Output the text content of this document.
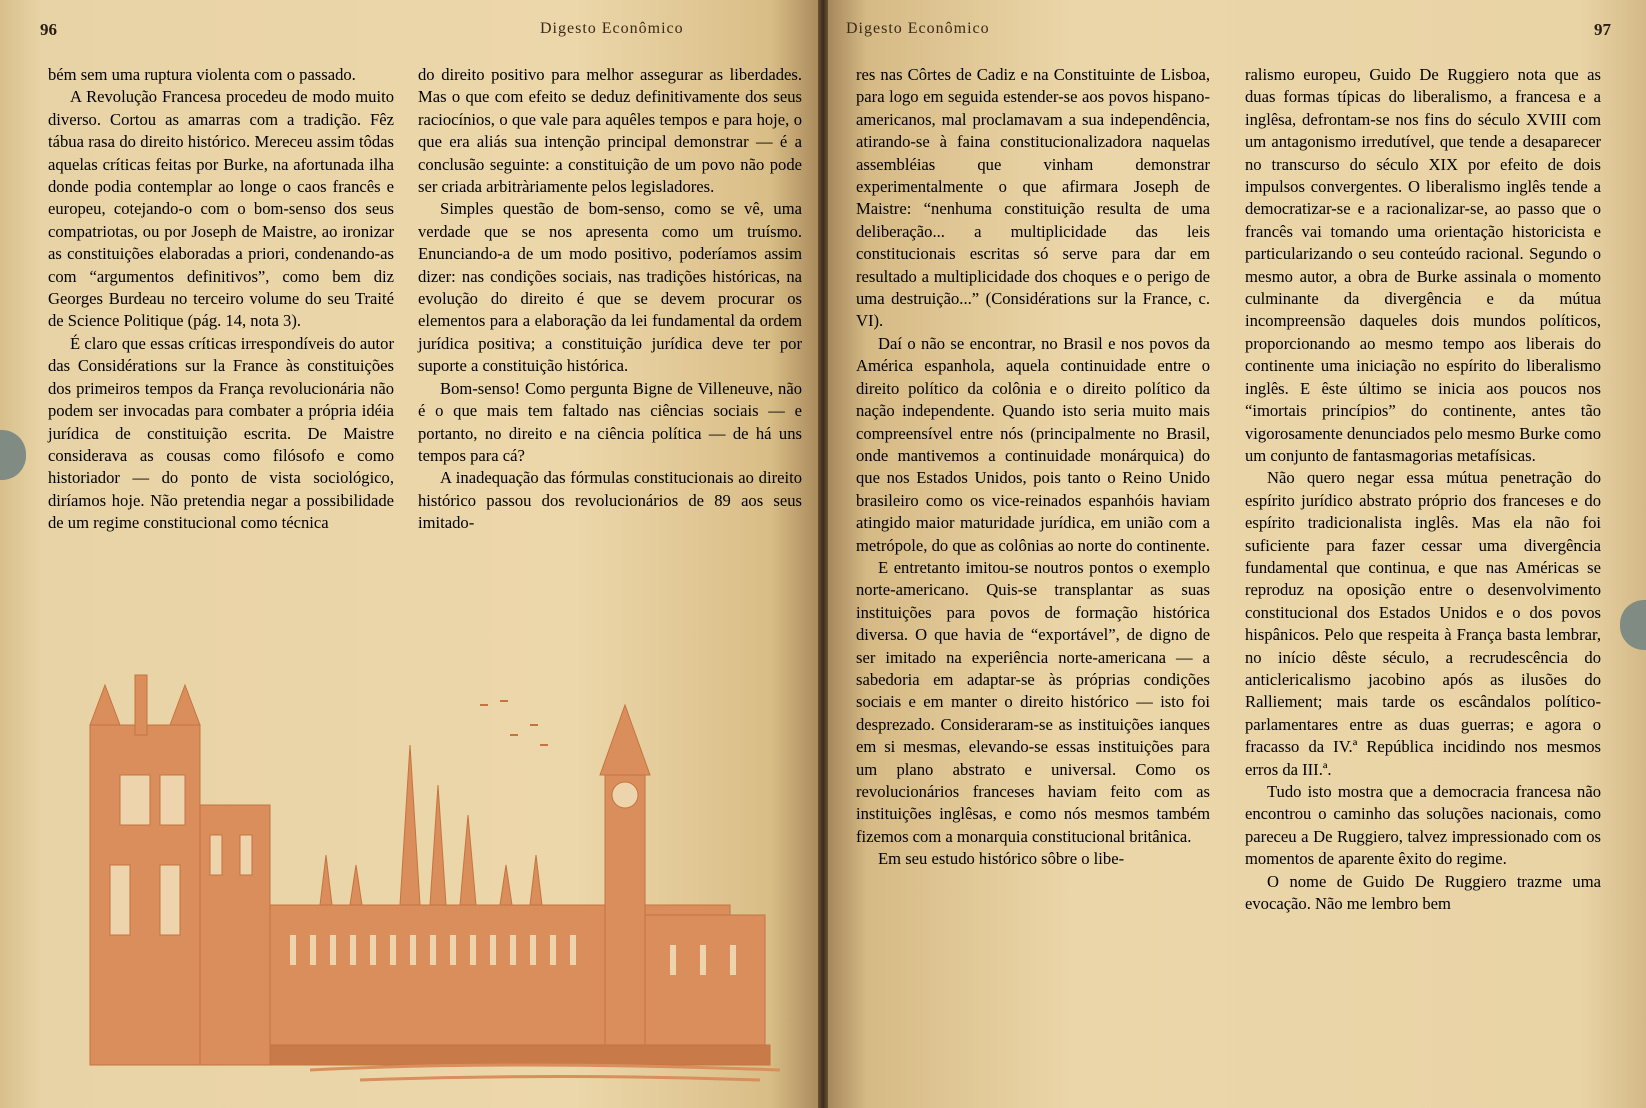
96	Digesto Econômico	Digesto Econômico	97

bém sem uma ruptura violenta com o passado.

A Revolução Francesa procedeu de modo muito diverso. Cortou as amarras com a tradição. Fêz tábua rasa do direito histórico. Mereceu assim tôdas aquelas críticas feitas por Burke, na afortunada ilha donde podia contemplar ao longe o caos francês e europeu, cotejando-o com o bom-senso dos seus compatriotas, ou por Joseph de Maistre, ao ironizar as constituições elaboradas a priori, condenando-as com “argumentos definitivos”, como bem diz Georges Burdeau no terceiro volume do seu Traité de Science Politique (pág. 14, nota 3).

É claro que essas críticas irrespondíveis do autor das Considérations sur la France às constituições dos primeiros tempos da França revolucionária não podem ser invocadas para combater a própria idéia jurídica de constituição escrita. De Maistre considerava as cousas como filósofo e como historiador — do ponto de vista sociológico, diríamos hoje. Não pretendia negar a possibilidade de um regime constitucional como técnica

do direito positivo para melhor assegurar as liberdades. Mas o que com efeito se deduz definitivamente dos seus raciocínios, o que vale para aquêles tempos e para hoje, o que era aliás sua intenção principal demonstrar — é a conclusão seguinte: a constituição de um povo não pode ser criada arbitràriamente pelos legisladores.

Simples questão de bom-senso, como se vê, uma verdade que se nos apresenta como um truísmo. Enunciando-a de um modo positivo, poderíamos assim dizer: nas condições sociais, nas tradições históricas, na evolução do direito é que se devem procurar os elementos para a elaboração da lei fundamental da ordem jurídica positiva; a constituição jurídica deve ter por suporte a constituição histórica.

Bom-senso! Como pergunta Bigne de Villeneuve, não é o que mais tem faltado nas ciências sociais — e portanto, no direito e na ciência política — de há uns tempos para cá?

A inadequação das fórmulas constitucionais ao direito histórico passou dos revolucionários de 89 aos seus imitado-

res nas Côrtes de Cadiz e na Constituinte de Lisboa, para logo em seguida estender-se aos povos hispano-americanos, mal proclamavam a sua independência, atirando-se à faina constitucionalizadora naquelas assembléias que vinham demonstrar experimentalmente o que afirmara Joseph de Maistre: “nenhuma constituição resulta de uma deliberação... a multiplicidade das leis constitucionais escritas só serve para dar em resultado a multiplicidade dos choques e o perigo de uma destruição...” (Considérations sur la France, c. VI).

Daí o não se encontrar, no Brasil e nos povos da América espanhola, aquela continuidade entre o direito político da colônia e o direito político da nação independente. Quando isto seria muito mais compreensível entre nós (principalmente no Brasil, onde mantivemos a continuidade monárquica) do que nos Estados Unidos, pois tanto o Reino Unido brasileiro como os vice-reinados espanhóis haviam atingido maior maturidade jurídica, em união com a metrópole, do que as colônias ao norte do continente.

E entretanto imitou-se noutros pontos o exemplo norte-americano. Quis-se transplantar as suas instituições para povos de formação histórica diversa. O que havia de “exportável”, de digno de ser imitado na experiência norte-americana — a sabedoria em adaptar-se às próprias condições sociais e em manter o direito histórico — isto foi desprezado. Consideraram-se as instituições ianques em si mesmas, elevando-se essas instituições para um plano abstrato e universal. Como os revolucionários franceses haviam feito com as instituições inglêsas, e como nós mesmos também fizemos com a monarquia constitucional britânica.

Em seu estudo histórico sôbre o libe-

ralismo europeu, Guido De Ruggiero nota que as duas formas típicas do liberalismo, a francesa e a inglêsa, defrontam-se nos fins do século XVIII com um antagonismo irredutível, que tende a desaparecer no transcurso do século XIX por efeito de dois impulsos convergentes. O liberalismo inglês tende a democratizar-se e a racionalizar-se, ao passo que o francês vai tomando uma orientação historicista e particularizando o seu conteúdo racional. Segundo o mesmo autor, a obra de Burke assinala o momento culminante da divergência e da mútua incompreensão daqueles dois mundos políticos, proporcionando ao mesmo tempo aos liberais do continente uma iniciação no espírito do liberalismo inglês. E êste último se inicia aos poucos nos “imortais princípios” do continente, antes tão vigorosamente denunciados pelo mesmo Burke como um conjunto de fantasmagorias metafísicas.

Não quero negar essa mútua penetração do espírito jurídico abstrato próprio dos franceses e do espírito tradicionalista inglês. Mas ela não foi suficiente para fazer cessar uma divergência fundamental que continua, e que nas Américas se reproduz na oposição entre o desenvolvimento constitucional dos Estados Unidos e o dos povos hispânicos. Pelo que respeita à França basta lembrar, no início dêste século, a recrudescência do anticlericalismo jacobino após as ilusões do Ralliement; mais tarde os escândalos político-parlamentares entre as duas guerras; e agora o fracasso da IV.ª República incidindo nos mesmos erros da III.ª.

Tudo isto mostra que a democracia francesa não encontrou o caminho das soluções nacionais, como pareceu a De Ruggiero, talvez impressionado com os momentos de aparente êxito do regime.

O nome de Guido De Ruggiero trazme uma evocação. Não me lembro bem
